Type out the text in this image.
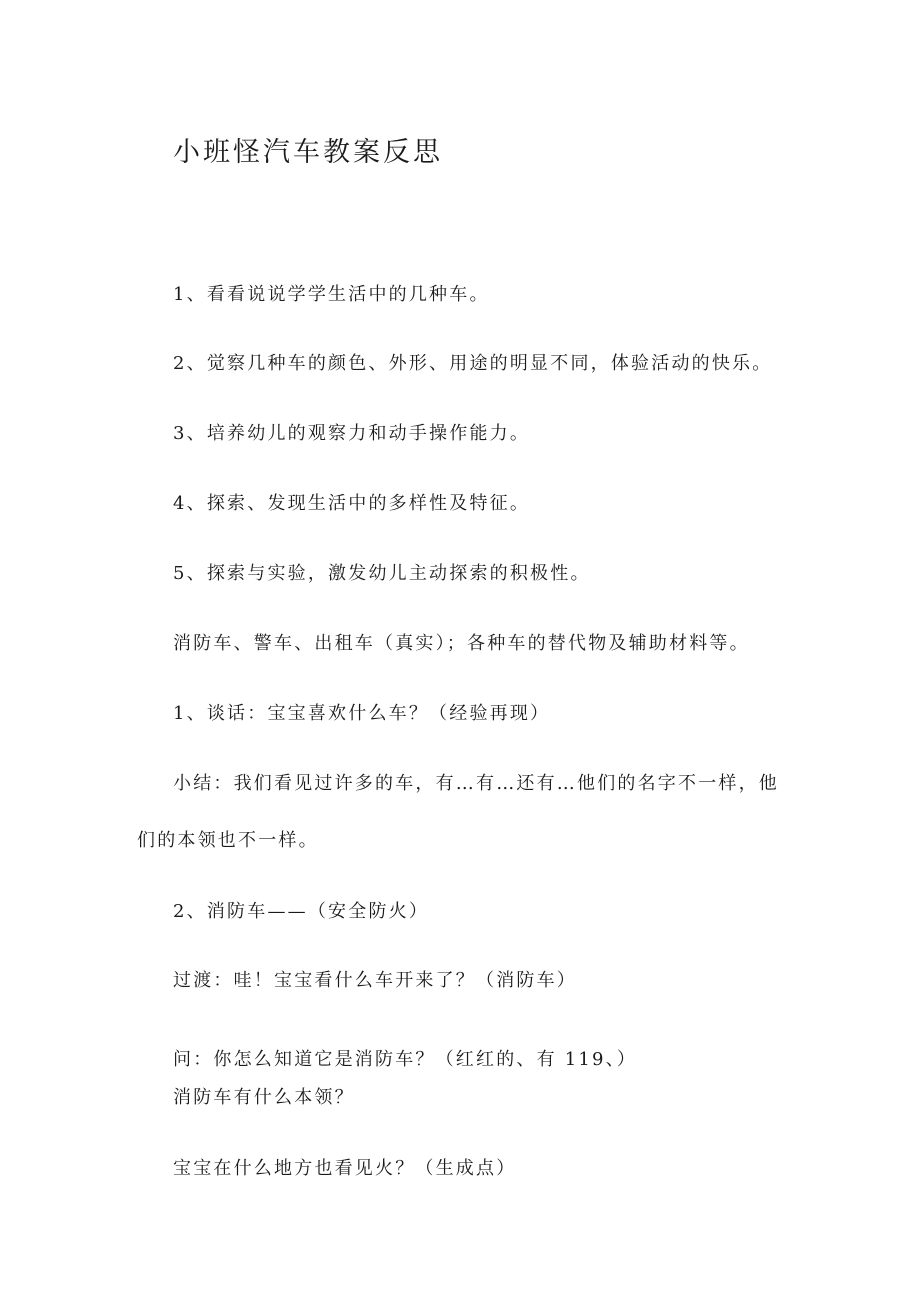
小班怪汽车教案反思
1、看看说说学学生活中的几种车。
2、觉察几种车的颜色、外形、用途的明显不同，体验活动的快乐。
3、培养幼儿的观察力和动手操作能力。
4、探索、发现生活中的多样性及特征。
5、探索与实验，激发幼儿主动探索的积极性。
消防车、警车、出租车（真实）；各种车的替代物及辅助材料等。
1、谈话：宝宝喜欢什么车？（经验再现）
小结：我们看见过许多的车，有…有…还有…他们的名字不一样，他
们的本领也不一样。
2、消防车——（安全防火）
过渡：哇！宝宝看什么车开来了？（消防车）
问：你怎么知道它是消防车？（红红的、有 119、）
消防车有什么本领？
宝宝在什么地方也看见火？（生成点）
